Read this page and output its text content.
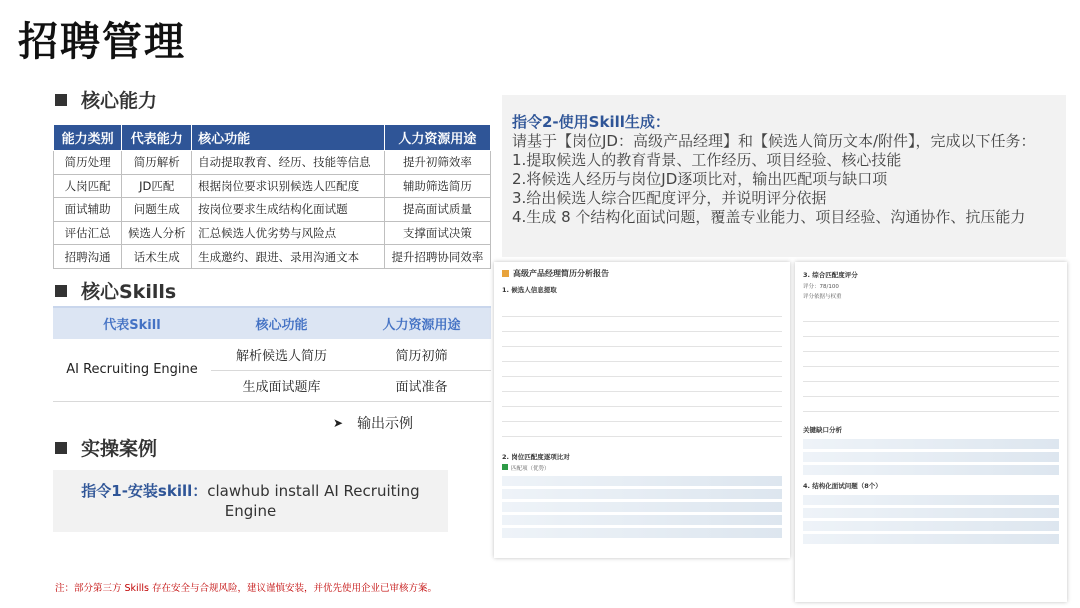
招聘管理
核心能力
能力类别	代表能力	核心功能	人力资源用途
简历处理	简历解析	自动提取教育、经历、技能等信息	提升初筛效率
人岗匹配	JD匹配	根据岗位要求识别候选人匹配度	辅助筛选简历
面试辅助	问题生成	按岗位要求生成结构化面试题	提高面试质量
评估汇总	候选人分析	汇总候选人优劣势与风险点	支撑面试决策
招聘沟通	话术生成	生成邀约、跟进、录用沟通文本	提升招聘协同效率
核心Skills
代表Skill	核心功能	人力资源用途
AI Recruiting Engine	解析候选人简历	简历初筛
	生成面试题库	面试准备
➤ 输出示例
实操案例
指令1-安装skill：clawhub install AI Recruiting Engine
注：部分第三方 Skills 存在安全与合规风险，建议谨慎安装，并优先使用企业已审核方案。
指令2-使用Skill生成：
请基于【岗位JD：高级产品经理】和【候选人简历文本/附件】，完成以下任务：
1.提取候选人的教育背景、工作经历、项目经验、核心技能
2.将候选人经历与岗位JD逐项比对，输出匹配项与缺口项
3.给出候选人综合匹配度评分，并说明评分依据
4.生成 8 个结构化面试问题，覆盖专业能力、项目经验、沟通协作、抗压能力
高级产品经理简历分析报告
1. 候选人信息提取

2. 岗位匹配度逐项比对
匹配项（优势）
3. 综合匹配度评分
评分：78/100
评分依据与权重

关键缺口分析
4. 结构化面试问题（8个）
